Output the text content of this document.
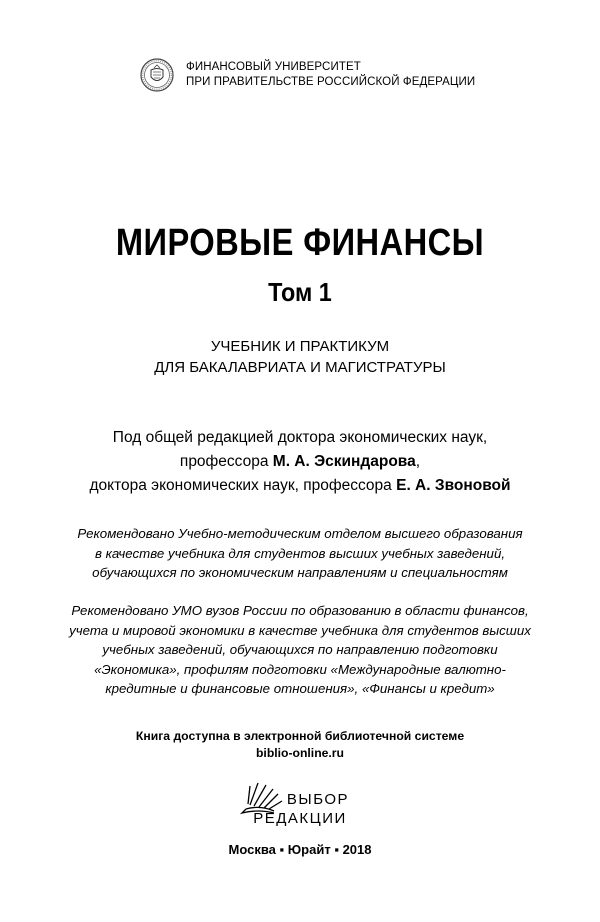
ФИНАНСОВЫЙ УНИВЕРСИТЕТ
ПРИ ПРАВИТЕЛЬСТВЕ РОССИЙСКОЙ ФЕДЕРАЦИИ
МИРОВЫЕ ФИНАНСЫ
Том 1
УЧЕБНИК И ПРАКТИКУМ
ДЛЯ БАКАЛАВРИАТА И МАГИСТРАТУРЫ
Под общей редакцией доктора экономических наук,
профессора М. А. Эскиндарова,
доктора экономических наук, профессора Е. А. Звоновой
Рекомендовано Учебно-методическим отделом высшего образования
в качестве учебника для студентов высших учебных заведений,
обучающихся по экономическим направлениям и специальностям
Рекомендовано УМО вузов России по образованию в области финансов,
учета и мировой экономики в качестве учебника для студентов высших
учебных заведений, обучающихся по направлению подготовки
«Экономика», профилям подготовки «Международные валютно-
кредитные и финансовые отношения», «Финансы и кредит»
Книга доступна в электронной библиотечной системе
biblio-online.ru
ВЫБОР
РЕДАКЦИИ
Москва ▪ Юрайт ▪ 2018
